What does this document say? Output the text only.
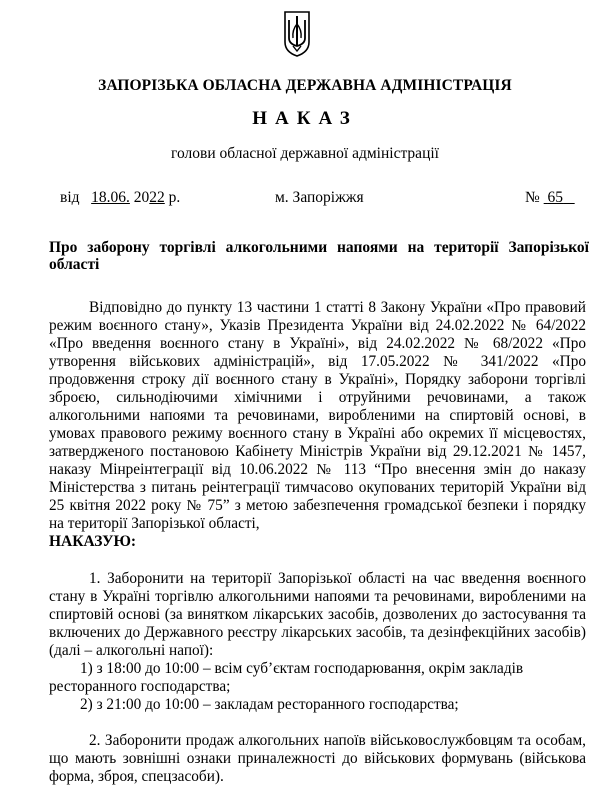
ЗАПОРІЗЬКА ОБЛАСНА ДЕРЖАВНА АДМІНІСТРАЦІЯ
НАКАЗ
голови обласної державної адміністрації
від 18.06. 2022 р.	м. Запоріжжя	№ 65
Про заборону торгівлі алкогольними напоями на території Запорізької області
Відповідно до пункту 13 частини 1 статті 8 Закону України «Про правовий режим воєнного стану», Указів Президента України від 24.02.2022 № 64/2022 «Про введення воєнного стану в Україні», від 24.02.2022 № 68/2022 «Про утворення військових адміністрацій», від 17.05.2022 № 341/2022 «Про продовження строку дії воєнного стану в Україні», Порядку заборони торгівлі зброєю, сильнодіючими хімічними і отруйними речовинами, а також алкогольними напоями та речовинами, виробленими на спиртовій основі, в умовах правового режиму воєнного стану в Україні або окремих її місцевостях, затвердженого постановою Кабінету Міністрів України від 29.12.2021 № 1457, наказу Мінреінтеграції від 10.06.2022 № 113 “Про внесення змін до наказу Міністерства з питань реінтеграції тимчасово окупованих територій України від 25 квітня 2022 року № 75” з метою забезпечення громадської безпеки і порядку на території Запорізької області,
НАКАЗУЮ:
1. Заборонити на території Запорізької області на час введення воєнного стану в Україні торгівлю алкогольними напоями та речовинами, виробленими на спиртовій основі (за винятком лікарських засобів, дозволених до застосування та включених до Державного реєстру лікарських засобів, та дезінфекційних засобів) (далі – алкогольні напої):
1) з 18:00 до 10:00 – всім суб’єктам господарювання, окрім закладів
ресторанного господарства;
2) з 21:00 до 10:00 – закладам ресторанного господарства;
2. Заборонити продаж алкогольних напоїв військовослужбовцям та особам, що мають зовнішні ознаки приналежності до військових формувань (військова форма, зброя, спецзасоби).
